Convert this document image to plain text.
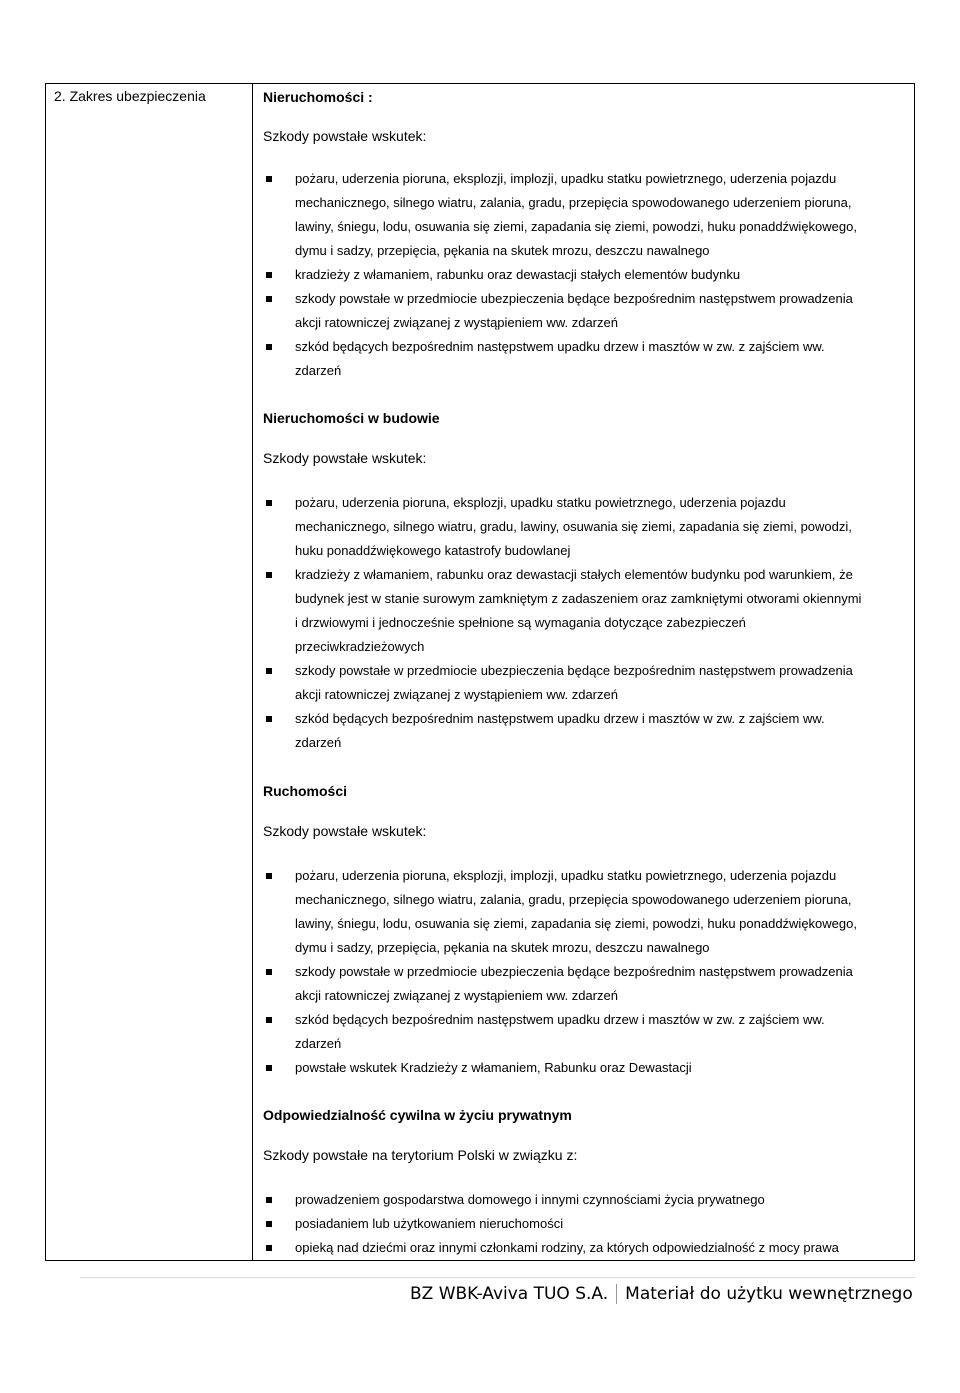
2. Zakres ubezpieczenia	Nieruchomości :
Szkody powstałe wskutek:
pożaru, uderzenia pioruna, eksplozji, implozji, upadku statku powietrznego, uderzenia pojazdu
mechanicznego, silnego wiatru, zalania, gradu, przepięcia spowodowanego uderzeniem pioruna,
lawiny, śniegu, lodu, osuwania się ziemi, zapadania się ziemi, powodzi, huku ponaddźwiękowego,
dymu i sadzy, przepięcia, pękania na skutek mrozu, deszczu nawalnego
kradzieży z włamaniem, rabunku oraz dewastacji stałych elementów budynku
szkody powstałe w przedmiocie ubezpieczenia będące bezpośrednim następstwem prowadzenia
akcji ratowniczej związanej z wystąpieniem ww. zdarzeń
szkód będących bezpośrednim następstwem upadku drzew i masztów w zw. z zajściem ww.
zdarzeń
Nieruchomości w budowie
Szkody powstałe wskutek:
pożaru, uderzenia pioruna, eksplozji, upadku statku powietrznego, uderzenia pojazdu
mechanicznego, silnego wiatru, gradu, lawiny, osuwania się ziemi, zapadania się ziemi, powodzi,
huku ponaddźwiękowego katastrofy budowlanej
kradzieży z włamaniem, rabunku oraz dewastacji stałych elementów budynku pod warunkiem, że
budynek jest w stanie surowym zamkniętym z zadaszeniem oraz zamkniętymi otworami okiennymi
i drzwiowymi i jednocześnie spełnione są wymagania dotyczące zabezpieczeń
przeciwkradzieżowych
szkody powstałe w przedmiocie ubezpieczenia będące bezpośrednim następstwem prowadzenia
akcji ratowniczej związanej z wystąpieniem ww. zdarzeń
szkód będących bezpośrednim następstwem upadku drzew i masztów w zw. z zajściem ww.
zdarzeń
Ruchomości
Szkody powstałe wskutek:
pożaru, uderzenia pioruna, eksplozji, implozji, upadku statku powietrznego, uderzenia pojazdu
mechanicznego, silnego wiatru, zalania, gradu, przepięcia spowodowanego uderzeniem pioruna,
lawiny, śniegu, lodu, osuwania się ziemi, zapadania się ziemi, powodzi, huku ponaddźwiękowego,
dymu i sadzy, przepięcia, pękania na skutek mrozu, deszczu nawalnego
szkody powstałe w przedmiocie ubezpieczenia będące bezpośrednim następstwem prowadzenia
akcji ratowniczej związanej z wystąpieniem ww. zdarzeń
szkód będących bezpośrednim następstwem upadku drzew i masztów w zw. z zajściem ww.
zdarzeń
powstałe wskutek Kradzieży z włamaniem, Rabunku oraz Dewastacji
Odpowiedzialność cywilna w życiu prywatnym
Szkody powstałe na terytorium Polski w związku z:
prowadzeniem gospodarstwa domowego i innymi czynnościami życia prywatnego
posiadaniem lub użytkowaniem nieruchomości
opieką nad dziećmi oraz innymi członkami rodziny, za których odpowiedzialność z mocy prawa
BZ WBK-Aviva TUO S.A. Materiał do użytku wewnętrznego
